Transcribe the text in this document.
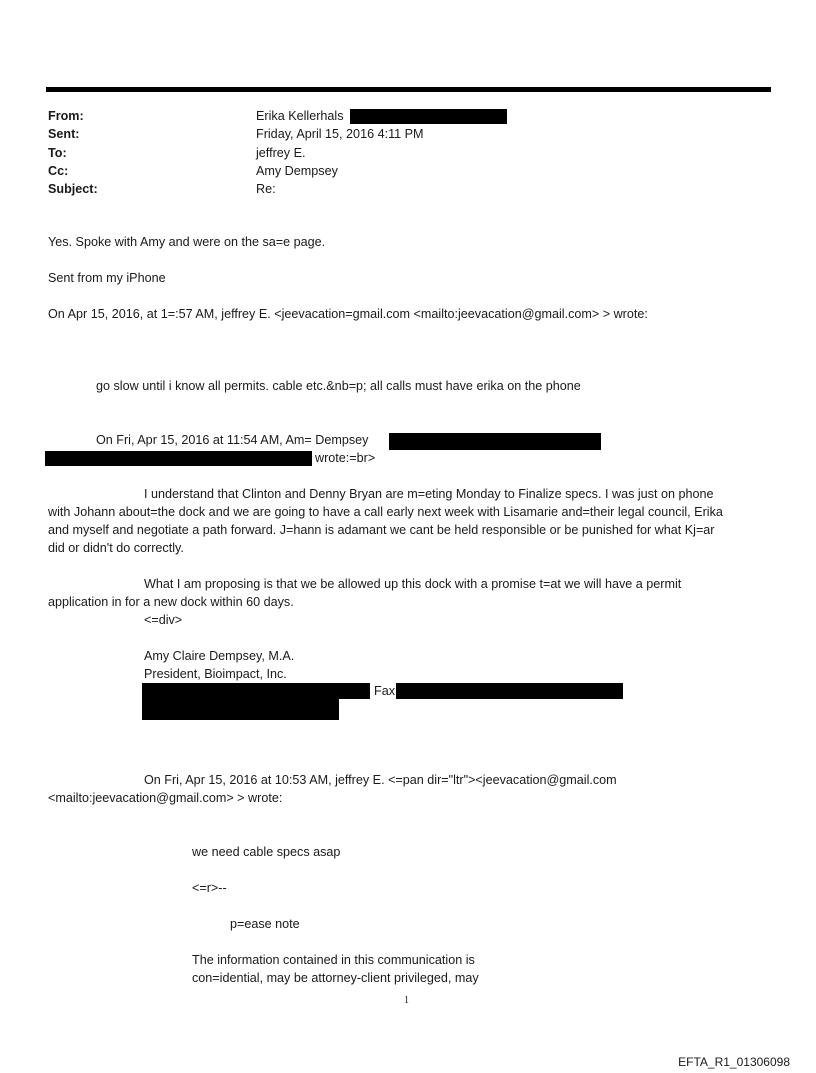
From:	Erika Kellerhals
Sent:	Friday, April 15, 2016 4:11 PM
To:	jeffrey E.
Cc:	Amy Dempsey
Subject:	Re:
Yes. Spoke with Amy and were on the sa=e page.
Sent from my iPhone
On Apr 15, 2016, at 1=:57 AM, jeffrey E. <jeevacation=gmail.com <mailto:jeevacation@gmail.com> > wrote:
go slow until i know all permits. cable etc.&nb=p; all calls must have erika on the phone
On Fri, Apr 15, 2016 at 11:54 AM, Am= Dempsey
wrote:=br>
I understand that Clinton and Denny Bryan are m=eting Monday to Finalize specs. I was just on phone
with Johann about=the dock and we are going to have a call early next week with Lisamarie and=their legal council, Erika
and myself and negotiate a path forward. J=hann is adamant we cant be held responsible or be punished for what Kj=ar
did or didn't do correctly.
What I am proposing is that we be allowed up this dock with a promise t=at we will have a permit
application in for a new dock within 60 days.
<=div>
Amy Claire Dempsey, M.A.
President, Bioimpact, Inc.
Fax
On Fri, Apr 15, 2016 at 10:53 AM, jeffrey E. <=pan dir="ltr"><jeevacation@gmail.com
<mailto:jeevacation@gmail.com> > wrote:
we need cable specs asap
<=r>--
p=ease note
The information contained in this communication is
con=idential, may be attorney-client privileged, may
1
EFTA_R1_01306098
